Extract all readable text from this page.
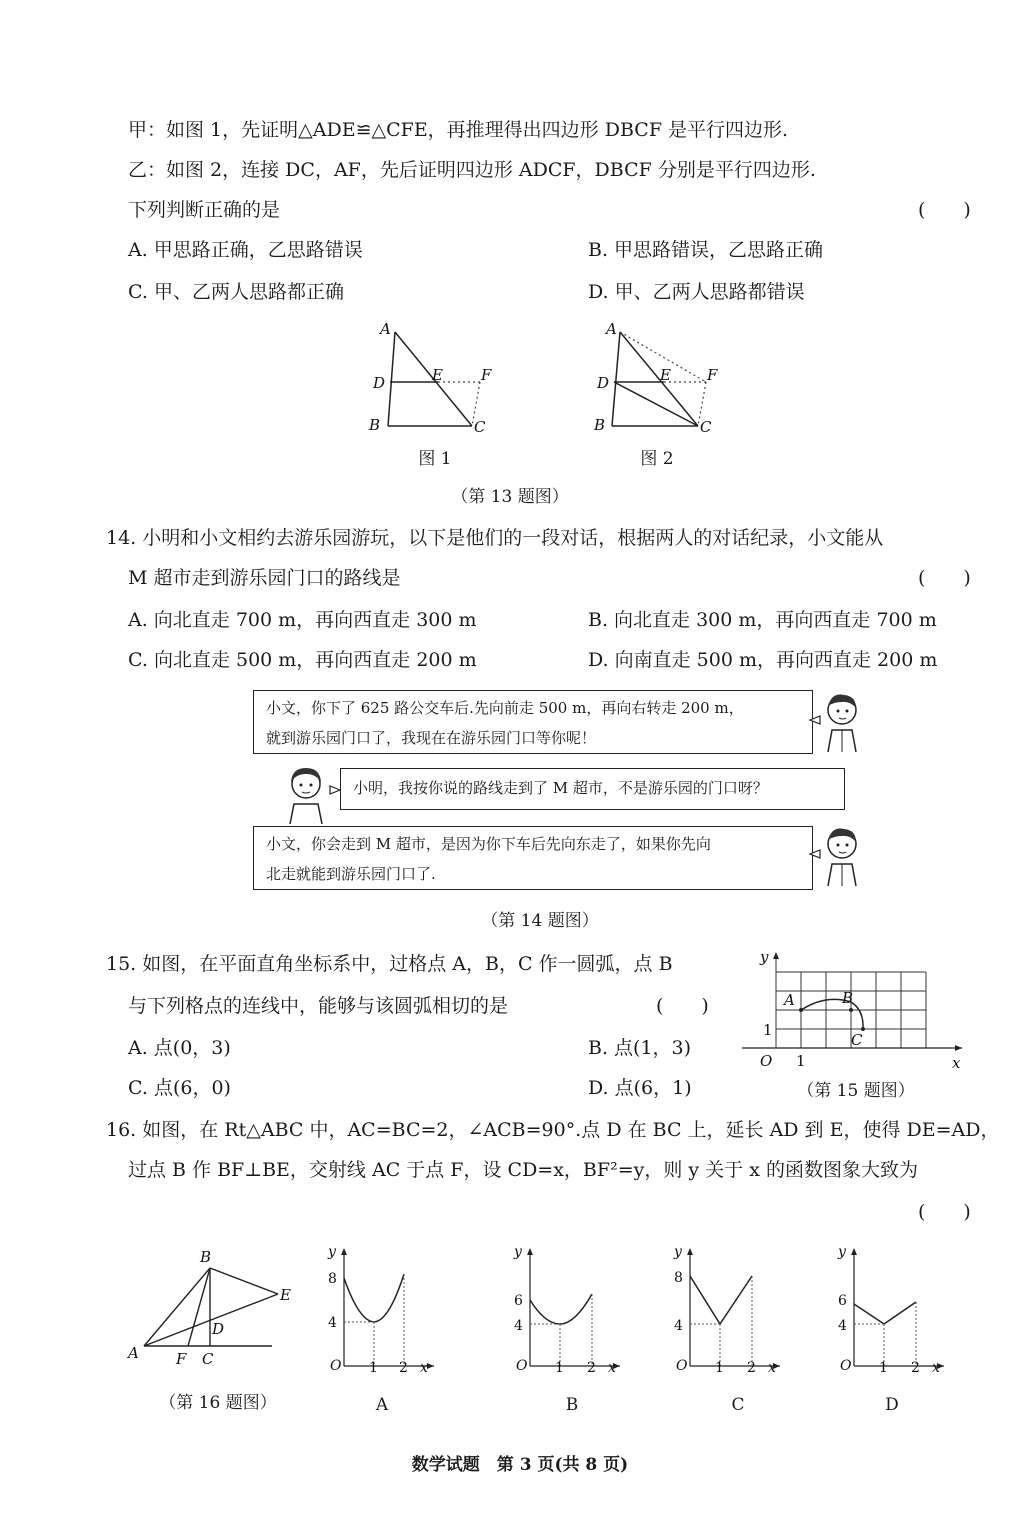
甲：如图 1，先证明△ADE≌△CFE，再推理得出四边形 DBCF 是平行四边形.
乙：如图 2，连接 DC，AF，先后证明四边形 ADCF，DBCF 分别是平行四边形.
下列判断正确的是	(　　)
A. 甲思路正确，乙思路错误	B. 甲思路错误，乙思路正确
C. 甲、乙两人思路都正确	D. 甲、乙两人思路都错误
A
D	E	F
B	C
图 1
A
D	E F
B	C
图 2
（第 13 题图）
14. 小明和小文相约去游乐园游玩，以下是他们的一段对话，根据两人的对话纪录，小文能从
M 超市走到游乐园门口的路线是	(　　)
A. 向北直走 700 m，再向西直走 300 m	B. 向北直走 300 m，再向西直走 700 m
C. 向北直走 500 m，再向西直走 200 m	D. 向南直走 500 m，再向西直走 200 m
小文，你下了 625 路公交车后.先向前走 500 m，再向右转走 200 m，
就到游乐园门口了，我现在在游乐园门口等你呢！
小明，我按你说的路线走到了 M 超市，不是游乐园的门口呀？
小文，你会走到 M 超市，是因为你下车后先向东走了，如果你先向
北走就能到游乐园门口了.
（第 14 题图）
15. 如图，在平面直角坐标系中，过格点 A，B，C 作一圆弧，点 B
与下列格点的连线中，能够与该圆弧相切的是	(　　)
A. 点(0，3)	B. 点(1，3)
C. 点(6，0)	D. 点(6，1)
y
x
O 1
1
A	B
C
（第 15 题图）
16. 如图，在 Rt△ABC 中，AC=BC=2，∠ACB=90°.点 D 在 BC 上，延长 AD 到 E，使得 DE=AD，
过点 B 作 BF⊥BE，交射线 AC 于点 F，设 CD=x，BF²=y，则 y 关于 x 的函数图象大致为
(　　)
B
E
D
A F C
（第 16 题图）
y
8
4
O 1 2 x
A
y
6
4
O 1 2 x
B
y
8
4
O 1 2 x
C
y
6
4
O 1 2 x
D
数学试题　第 3 页(共 8 页)
